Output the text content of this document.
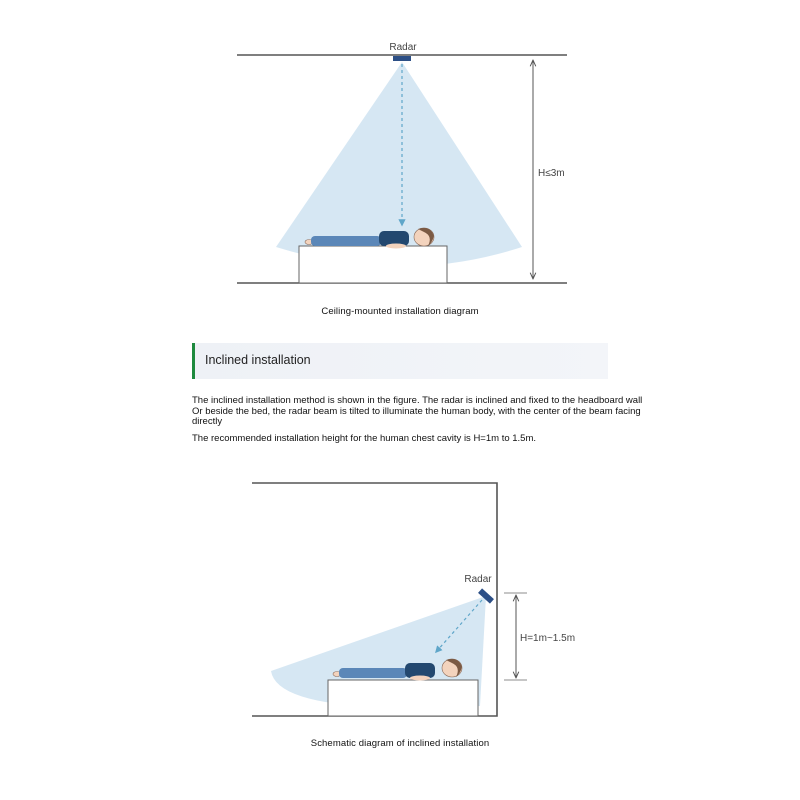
Radar
H≤3m
Radar
H=1m~1.5m
Ceiling-mounted installation diagram
Inclined installation

The inclined installation method is shown in the figure. The radar is inclined and fixed to the headboard wall

Or beside the bed, the radar beam is tilted to illuminate the human body, with the center of the beam facing directly

The recommended installation height for the human chest cavity is H=1m to 1.5m.

Schematic diagram of inclined installation
